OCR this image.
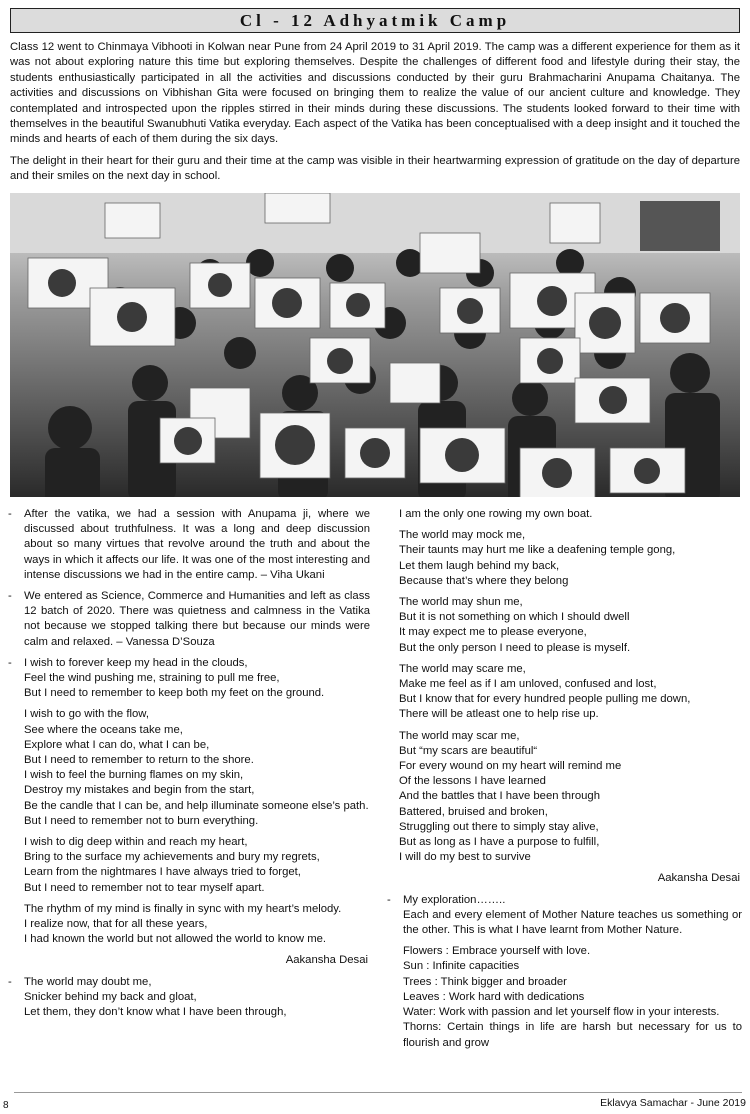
Cl - 12 Adhyatmik Camp

Class 12 went to Chinmaya Vibhooti in Kolwan near Pune from 24 April 2019 to 31 April 2019. The camp was a different experience for them as it was not about exploring nature this time but exploring themselves. Despite the challenges of different food and lifestyle during their stay, the students enthusiastically participated in all the activities and discussions conducted by their guru Brahmacharini Anupama Chaitanya. The activities and discussions on Vibhishan Gita were focused on bringing them to realize the value of our ancient culture and knowledge. They contemplated and introspected upon the ripples stirred in their minds during these discussions. The students looked forward to their time with themselves in the beautiful Swanubhuti Vatika everyday. Each aspect of the Vatika has been conceptualised with a deep insight and it touched the minds and hearts of each of them during the six days.

The delight in their heart for their guru and their time at the camp was visible in their heartwarming expression of gratitude on the day of departure and their smiles on the next day in school.

- After the vatika, we had a session with Anupama ji, where we discussed about truthfulness. It was a long and deep discussion about so many virtues that revolve around the truth and about the ways in which it affects our life. It was one of the most interesting and intense discussions we had in the entire camp. – Viha Ukani
- We entered as Science, Commerce and Humanities and left as class 12 batch of 2020. There was quietness and calmness in the Vatika not because we stopped talking there but because our minds were calm and relaxed. – Vanessa D’Souza
- I wish to forever keep my head in the clouds,
Feel the wind pushing me, straining to pull me free,
But I need to remember to keep both my feet on the ground.
I wish to go with the flow,
See where the oceans take me,
Explore what I can do, what I can be,
But I need to remember to return to the shore.
I wish to feel the burning flames on my skin,
Destroy my mistakes and begin from the start,
Be the candle that I can be, and help illuminate someone else’s path.
But I need to remember not to burn everything.
I wish to dig deep within and reach my heart,
Bring to the surface my achievements and bury my regrets,
Learn from the nightmares I have always tried to forget,
But I need to remember not to tear myself apart.
The rhythm of my mind is finally in sync with my heart’s melody.
I realize now, that for all these years,
I had known the world but not allowed the world to know me.
Aakansha Desai
- The world may doubt me,
Snicker behind my back and gloat,
Let them, they don’t know what I have been through,
I am the only one rowing my own boat.
The world may mock me,
Their taunts may hurt me like a deafening temple gong,
Let them laugh behind my back,
Because that’s where they belong
The world may shun me,
But it is not something on which I should dwell
It may expect me to please everyone,
But the only person I need to please is myself.
The world may scare me,
Make me feel as if I am unloved, confused and lost,
But I know that for every hundred people pulling me down,
There will be atleast one to help rise up.
The world may scar me,
But “my scars are beautiful“
For every wound on my heart will remind me
Of the lessons I have learned
And the battles that I have been through
Battered, bruised and broken,
Struggling out there to simply stay alive,
But as long as I have a purpose to fulfill,
I will do my best to survive
Aakansha Desai
- My exploration……..
Each and every element of Mother Nature teaches us something or the other. This is what I have learnt from Mother Nature.
Flowers : Embrace yourself with love.
Sun : Infinite capacities
Trees : Think bigger and broader
Leaves : Work hard with dedications
Water: Work with passion and let yourself flow in your interests.
Thorns: Certain things in life are harsh but necessary for us to flourish and grow
8	Eklavya Samachar - June 2019
